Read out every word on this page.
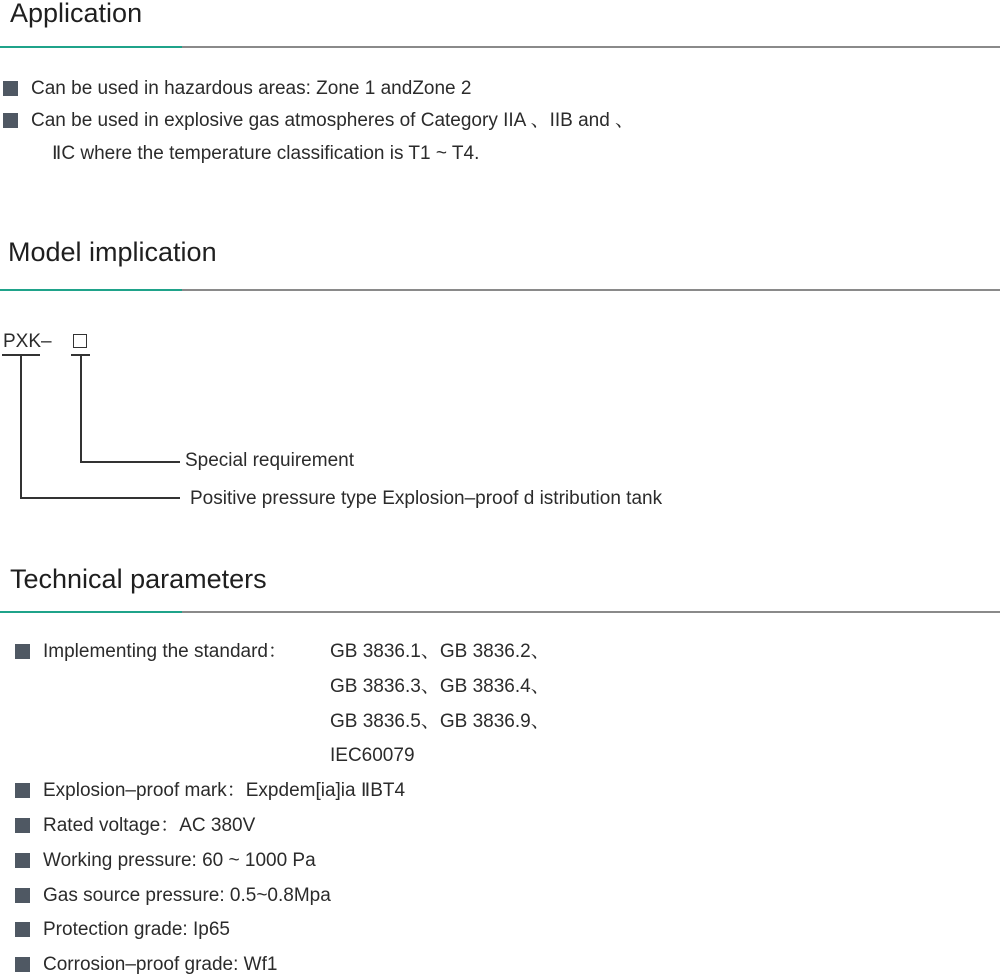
Application
Can be used in hazardous areas: Zone 1 andZone 2
Can be used in explosive gas atmospheres of Category IIA 、IIB and 、
ⅡC where the temperature classification is T1 ~ T4.
Model implication
PXK–
Special requirement
Positive pressure type Explosion–proof d istribution tank
Technical parameters
Implementing the standard： GB 3836.1、GB 3836.2、
GB 3836.3、GB 3836.4、
GB 3836.5、GB 3836.9、
IEC60079
Explosion–proof mark：Expdem[ia]ia ⅡBT4
Rated voltage：AC 380V
Working pressure: 60 ~ 1000 Pa
Gas source pressure: 0.5~0.8Mpa
Protection grade: Ip65
Corrosion–proof grade: Wf1
